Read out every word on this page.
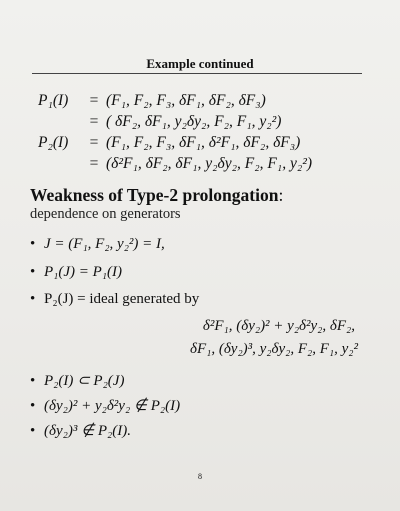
Example continued
P₁(I)	= (F₁, F₂, F₃, δF₁, δF₂, δF₃)
= ( δF₂, δF₁, y₂δy₂, F₂, F₁, y₂²)
P₂(I)	= (F₁, F₂, F₃, δF₁, δ²F₁, δF₂, δF₃)
= (δ²F₁, δF₂, δF₁, y₂δy₂, F₂, F₁, y₂²)
Weakness of Type-2 prolongation:
dependence on generators
• J = (F₁, F₂, y₂²) = I,
• P₁(J) = P₁(I)
• P₂(J) = ideal generated by
δ²F₁, (δy₂)² + y₂δ²y₂, δF₂,
δF₁, (δy₂)³, y₂δy₂, F₂, F₁, y₂²
• P₂(I) ⊂ P₂(J)
• (δy₂)² + y₂δ²y₂ ∉ P₂(I)
• (δy₂)³ ∉ P₂(I).
8
